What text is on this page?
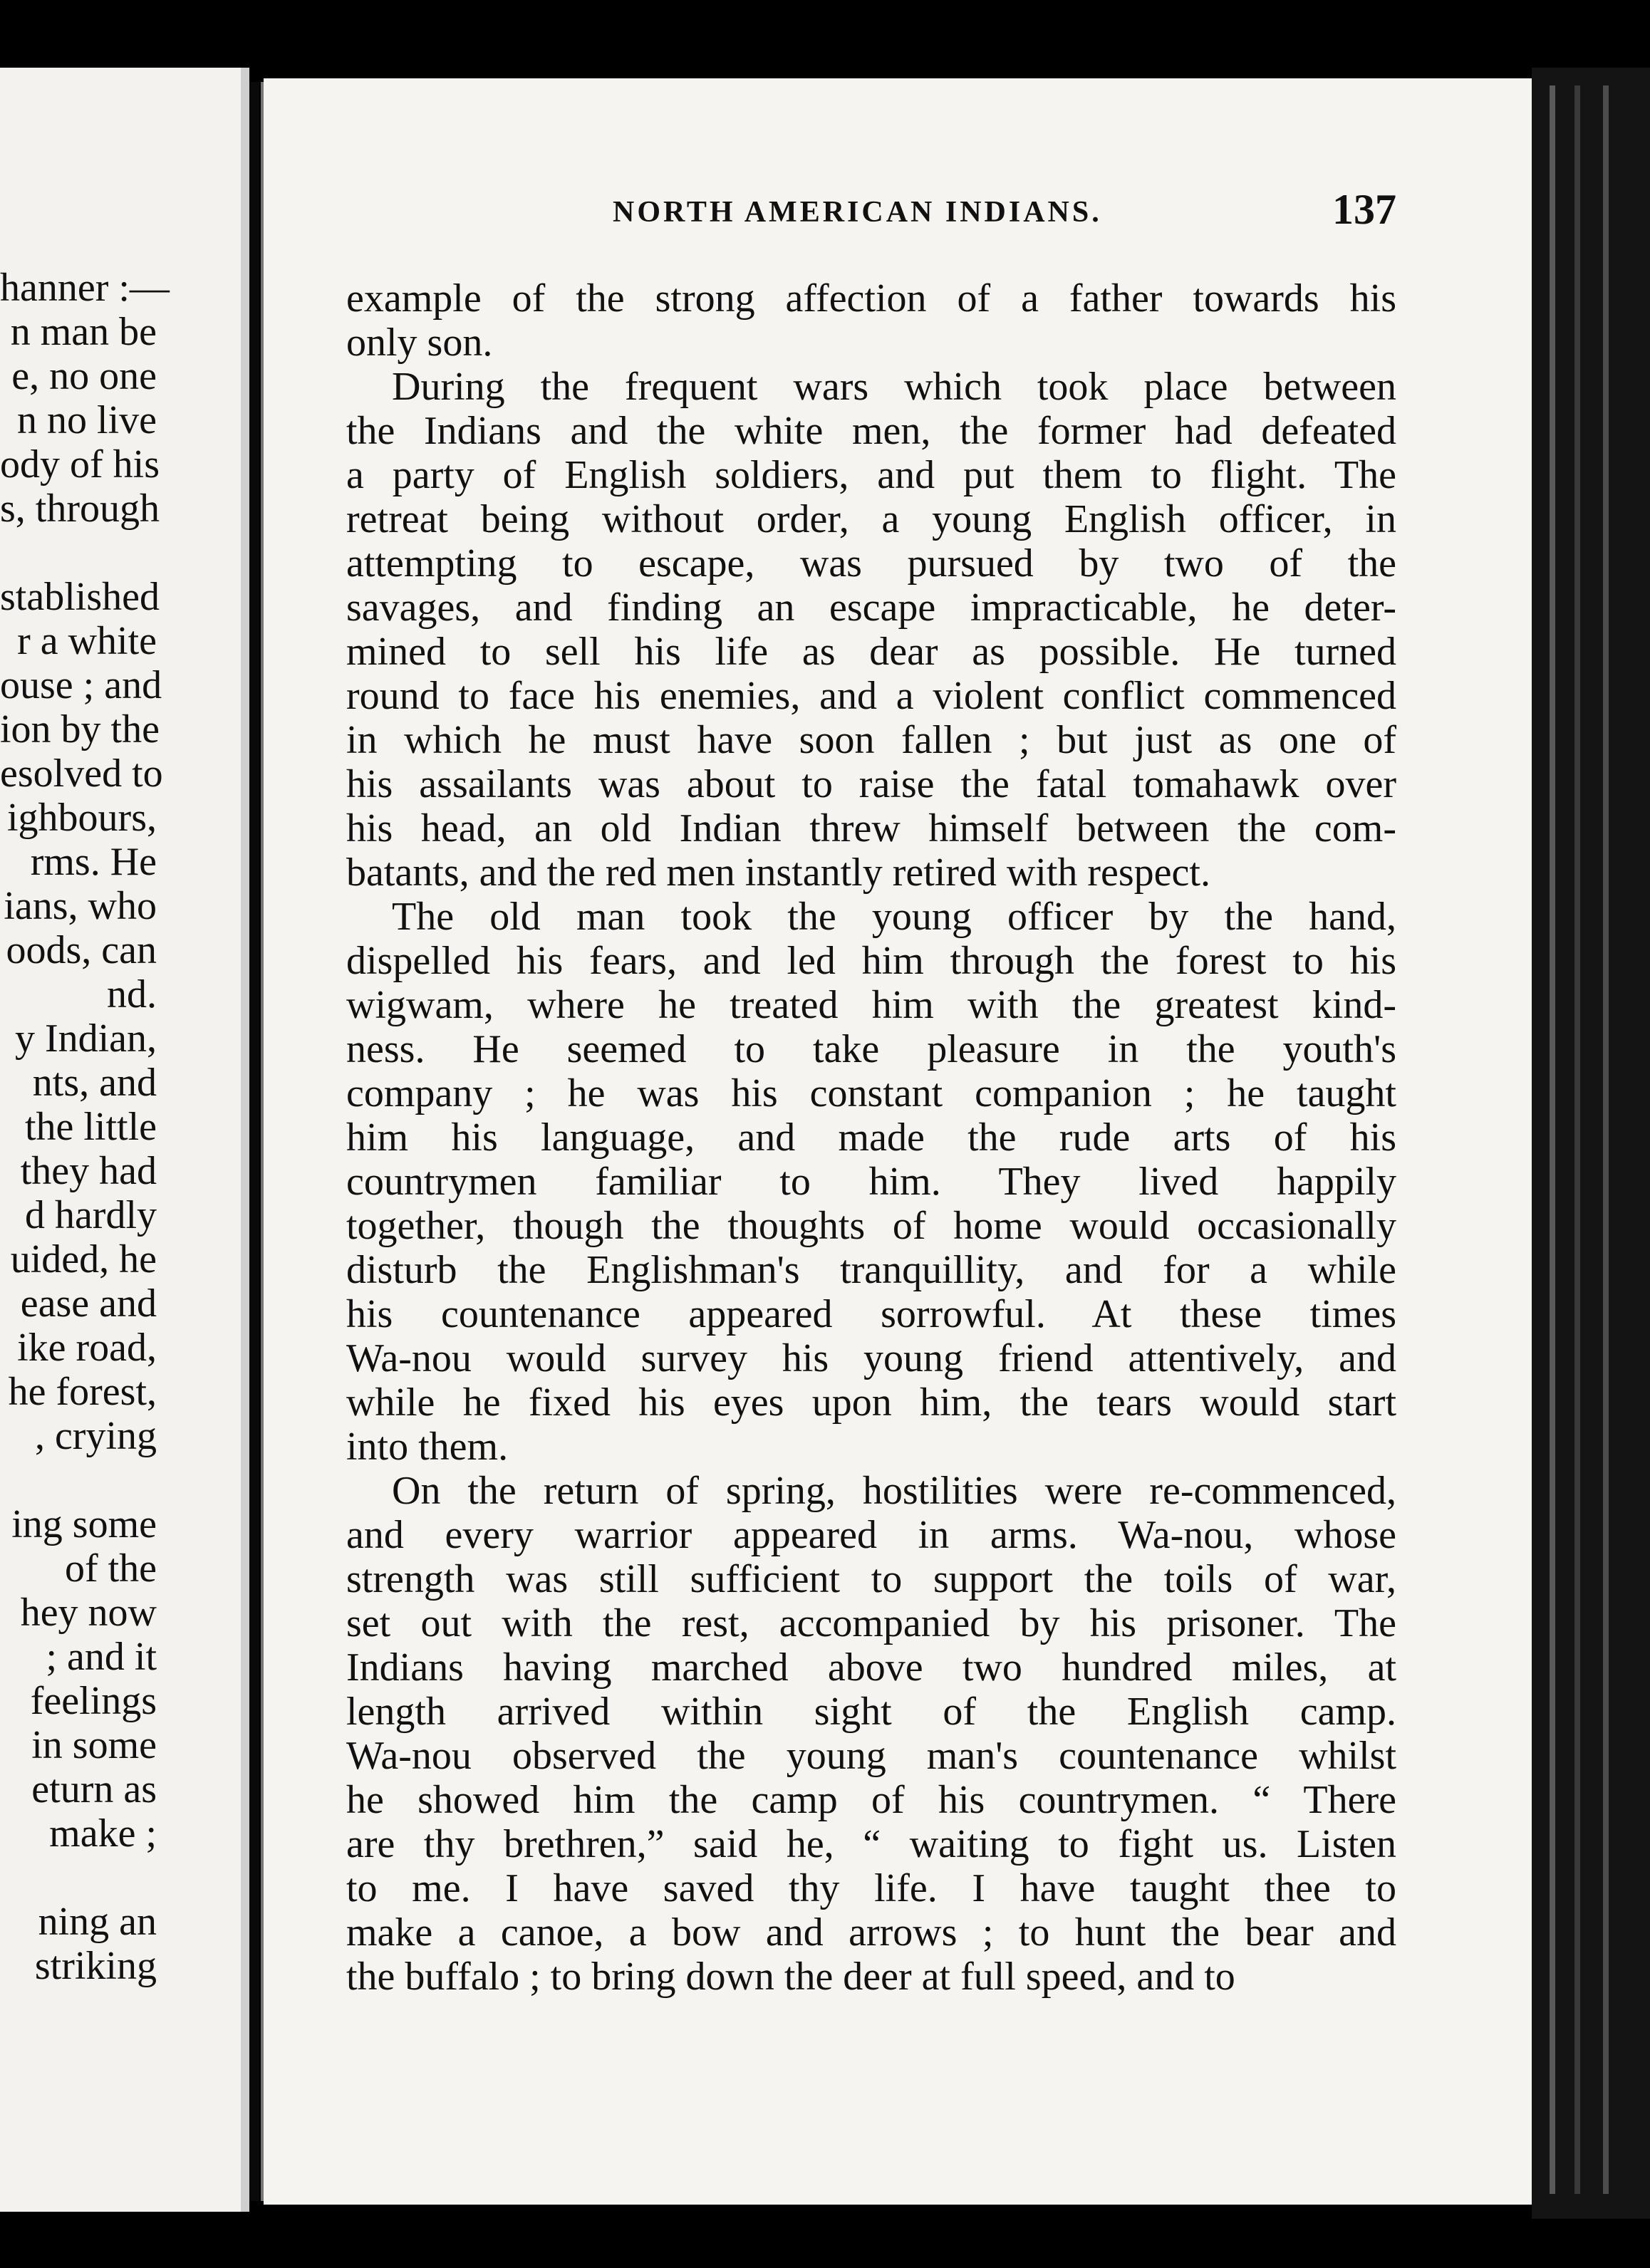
hanner :—
n man be
e, no one
n no live
ody of his
s, through
stablished
r a white
ouse ; and
ion by the
esolved to
ighbours,
rms. He
ians, who
oods, can
nd.
y Indian,
nts, and
the little
they had
d hardly
uided, he
ease and
ike road,
he forest,
, crying
ing some
of the
hey now
; and it
feelings
in some
eturn as
make ;
ning an
striking
NORTH AMERICAN INDIANS.	137
example of the strong affection of a father towards his
only son.
During the frequent wars which took place between
the Indians and the white men, the former had defeated
a party of English soldiers, and put them to flight. The
retreat being without order, a young English officer, in
attempting to escape, was pursued by two of the
savages, and finding an escape impracticable, he deter-
mined to sell his life as dear as possible. He turned
round to face his enemies, and a violent conflict commenced
in which he must have soon fallen ; but just as one of
his assailants was about to raise the fatal tomahawk over
his head, an old Indian threw himself between the com-
batants, and the red men instantly retired with respect.
The old man took the young officer by the hand,
dispelled his fears, and led him through the forest to his
wigwam, where he treated him with the greatest kind-
ness. He seemed to take pleasure in the youth's
company ; he was his constant companion ; he taught
him his language, and made the rude arts of his
countrymen familiar to him. They lived happily
together, though the thoughts of home would occasionally
disturb the Englishman's tranquillity, and for a while
his countenance appeared sorrowful. At these times
Wa-nou would survey his young friend attentively, and
while he fixed his eyes upon him, the tears would start
into them.
On the return of spring, hostilities were re-commenced,
and every warrior appeared in arms. Wa-nou, whose
strength was still sufficient to support the toils of war,
set out with the rest, accompanied by his prisoner. The
Indians having marched above two hundred miles, at
length arrived within sight of the English camp.
Wa-nou observed the young man's countenance whilst
he showed him the camp of his countrymen. “ There
are thy brethren,” said he, “ waiting to fight us. Listen
to me. I have saved thy life. I have taught thee to
make a canoe, a bow and arrows ; to hunt the bear and
the buffalo ; to bring down the deer at full speed, and to
